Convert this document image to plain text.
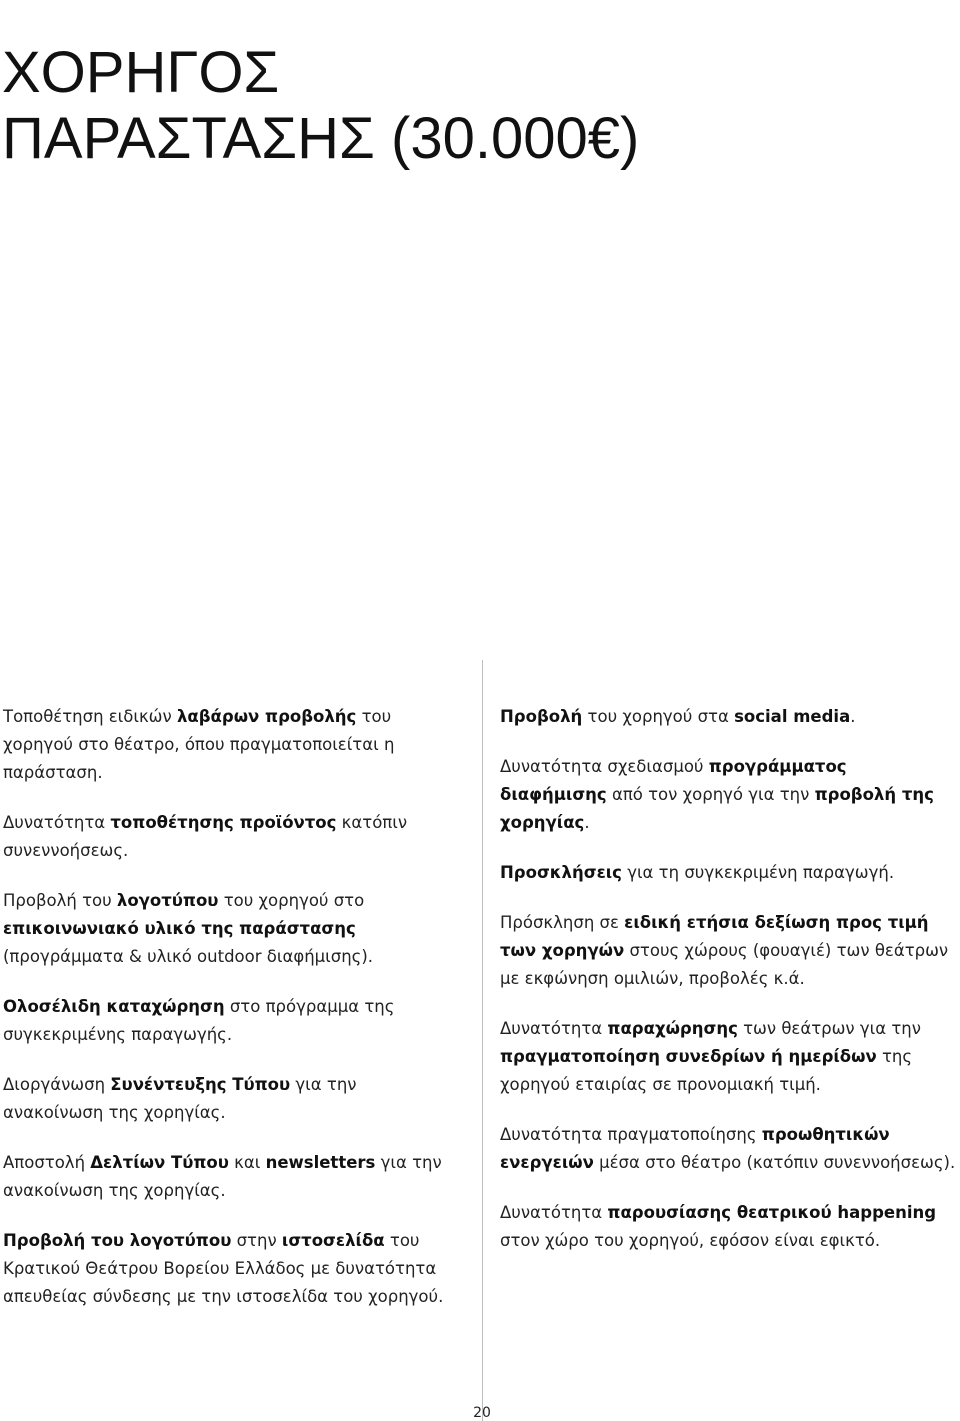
ΧΟΡΗΓΟΣ
ΠΑΡΑΣΤΑΣΗΣ (30.000€)

Τοποθέτηση ειδικών λαβάρων προβολής του χορηγού στο θέατρο, όπου πραγματοποιείται η παράσταση.

Δυνατότητα τοποθέτησης προϊόντος κατόπιν συνεννοήσεως.

Προβολή του λογοτύπου του χορηγού στο επικοινωνιακό υλικό της παράστασης (προγράμματα & υλικό outdoor διαφήμισης).

Ολοσέλιδη καταχώρηση στο πρόγραμμα της συγκεκριμένης παραγωγής.

Διοργάνωση Συνέντευξης Τύπου για την ανακοίνωση της χορηγίας.

Αποστολή Δελτίων Τύπου και newsletters για την ανακοίνωση της χορηγίας.

Προβολή του λογοτύπου στην ιστοσελίδα του Κρατικού Θεάτρου Βορείου Ελλάδος με δυνατότητα απευθείας σύνδεσης με την ιστοσελίδα του χορηγού.

Προβολή του χορηγού στα social media.

Δυνατότητα σχεδιασμού προγράμματος διαφήμισης από τον χορηγό για την προβολή της χορηγίας.

Προσκλήσεις για τη συγκεκριμένη παραγωγή.

Πρόσκληση σε ειδική ετήσια δεξίωση προς τιμή των χορηγών στους χώρους (φουαγιέ) των θεάτρων με εκφώνηση ομιλιών, προβολές κ.ά.

Δυνατότητα παραχώρησης των θεάτρων για την πραγματοποίηση συνεδρίων ή ημερίδων της χορηγού εταιρίας σε προνομιακή τιμή.

Δυνατότητα πραγματοποίησης προωθητικών ενεργειών μέσα στο θέατρο (κατόπιν συνεννοήσεως).

Δυνατότητα παρουσίασης θεατρικού happening στον χώρο του χορηγού, εφόσον είναι εφικτό.

20
